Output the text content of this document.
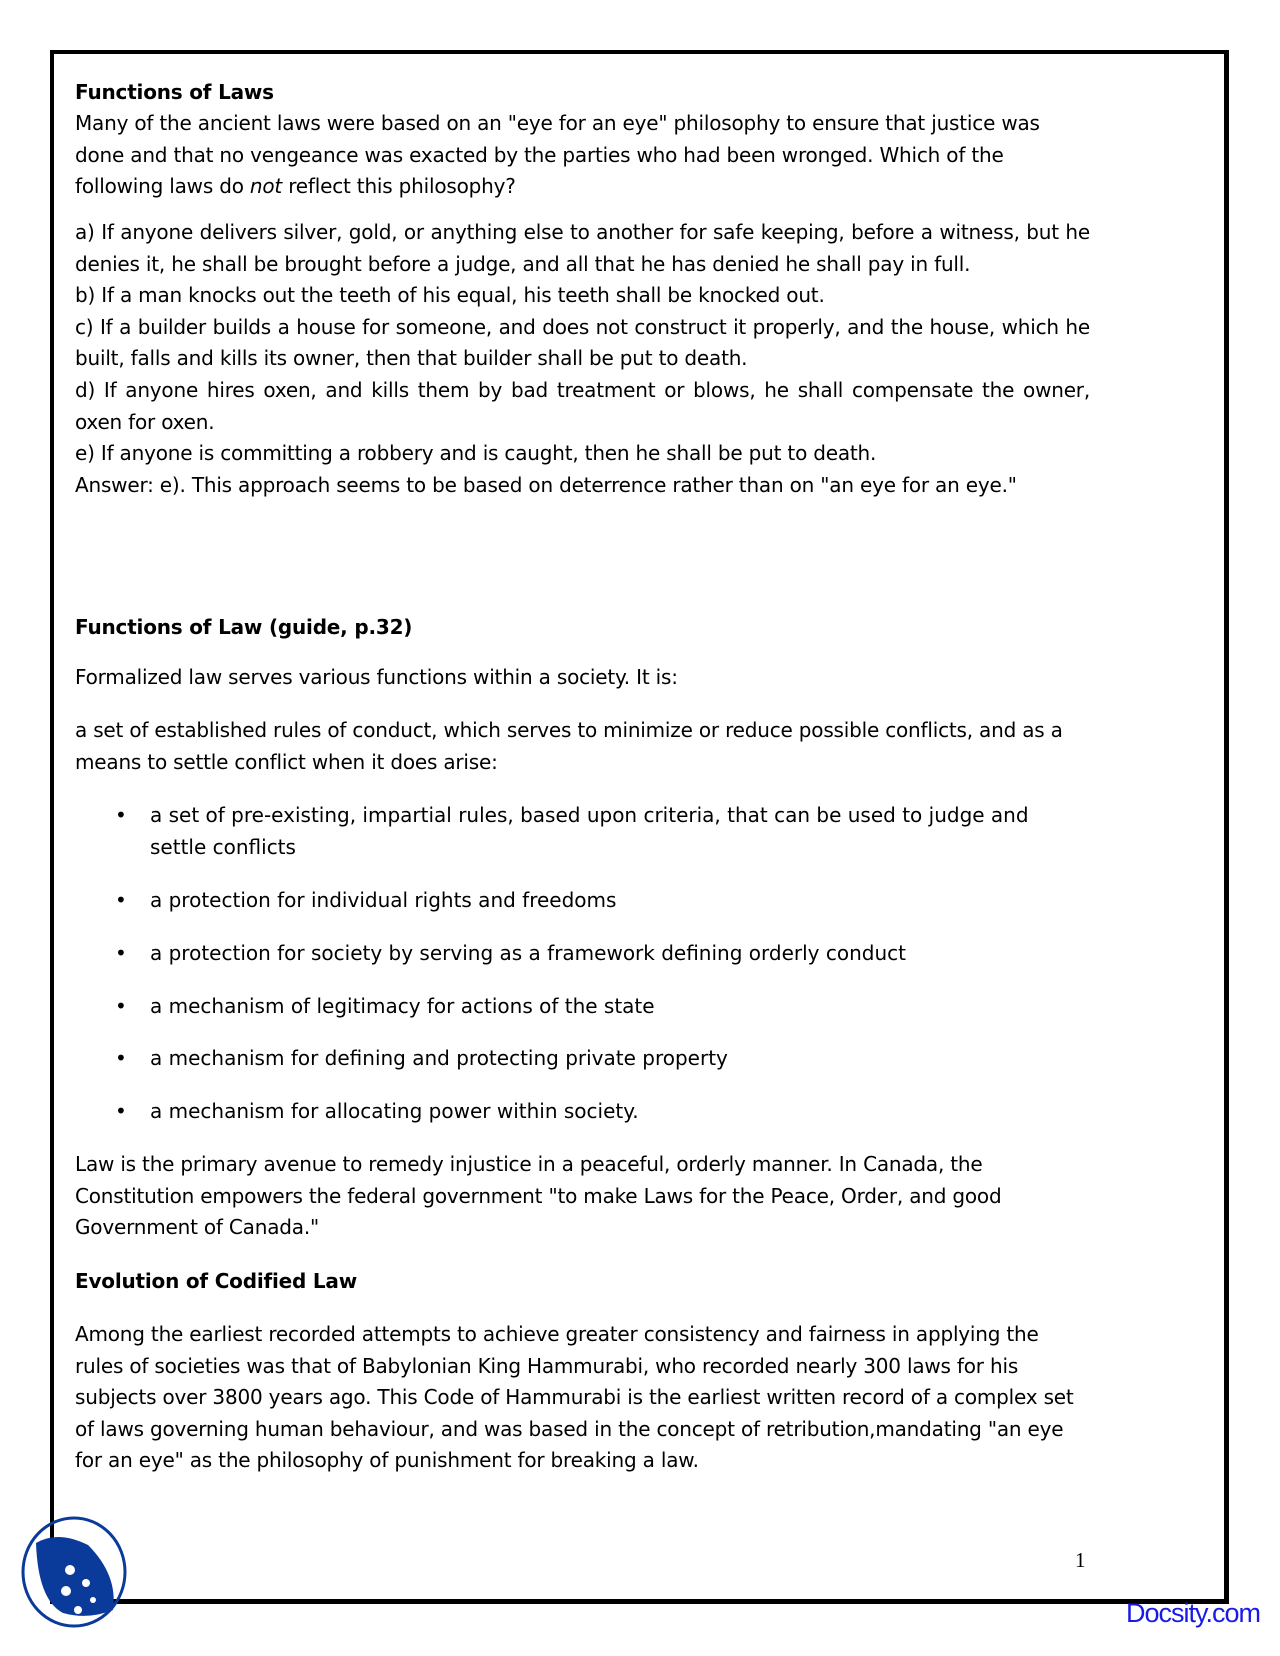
Functions of Laws

Many of the ancient laws were based on an "eye for an eye" philosophy to ensure that justice was done and that no vengeance was exacted by the parties who had been wronged. Which of the following laws do not reflect this philosophy?

a) If anyone delivers silver, gold, or anything else to another for safe keeping, before a witness, but he denies it, he shall be brought before a judge, and all that he has denied he shall pay in full.
b) If a man knocks out the teeth of his equal, his teeth shall be knocked out.
c) If a builder builds a house for someone, and does not construct it properly, and the house, which he built, falls and kills its owner, then that builder shall be put to death.
d) If anyone hires oxen, and kills them by bad treatment or blows, he shall compensate the owner, oxen for oxen.
e) If anyone is committing a robbery and is caught, then he shall be put to death.
Answer: e). This approach seems to be based on deterrence rather than on "an eye for an eye."
Functions of Law (guide, p.32)
Formalized law serves various functions within a society. It is:
a set of established rules of conduct, which serves to minimize or reduce possible conflicts, and as a means to settle conflict when it does arise:
• a set of pre-existing, impartial rules, based upon criteria, that can be used to judge and settle conflicts
• a protection for individual rights and freedoms
• a protection for society by serving as a framework defining orderly conduct
• a mechanism of legitimacy for actions of the state
• a mechanism for defining and protecting private property
• a mechanism for allocating power within society.
Law is the primary avenue to remedy injustice in a peaceful, orderly manner. In Canada, the Constitution empowers the federal government "to make Laws for the Peace, Order, and good Government of Canada."
Evolution of Codified Law
Among the earliest recorded attempts to achieve greater consistency and fairness in applying the rules of societies was that of Babylonian King Hammurabi, who recorded nearly 300 laws for his subjects over 3800 years ago. This Code of Hammurabi is the earliest written record of a complex set of laws governing human behaviour, and was based in the concept of retribution,mandating "an eye for an eye" as the philosophy of punishment for breaking a law.
1
Docsity.com
